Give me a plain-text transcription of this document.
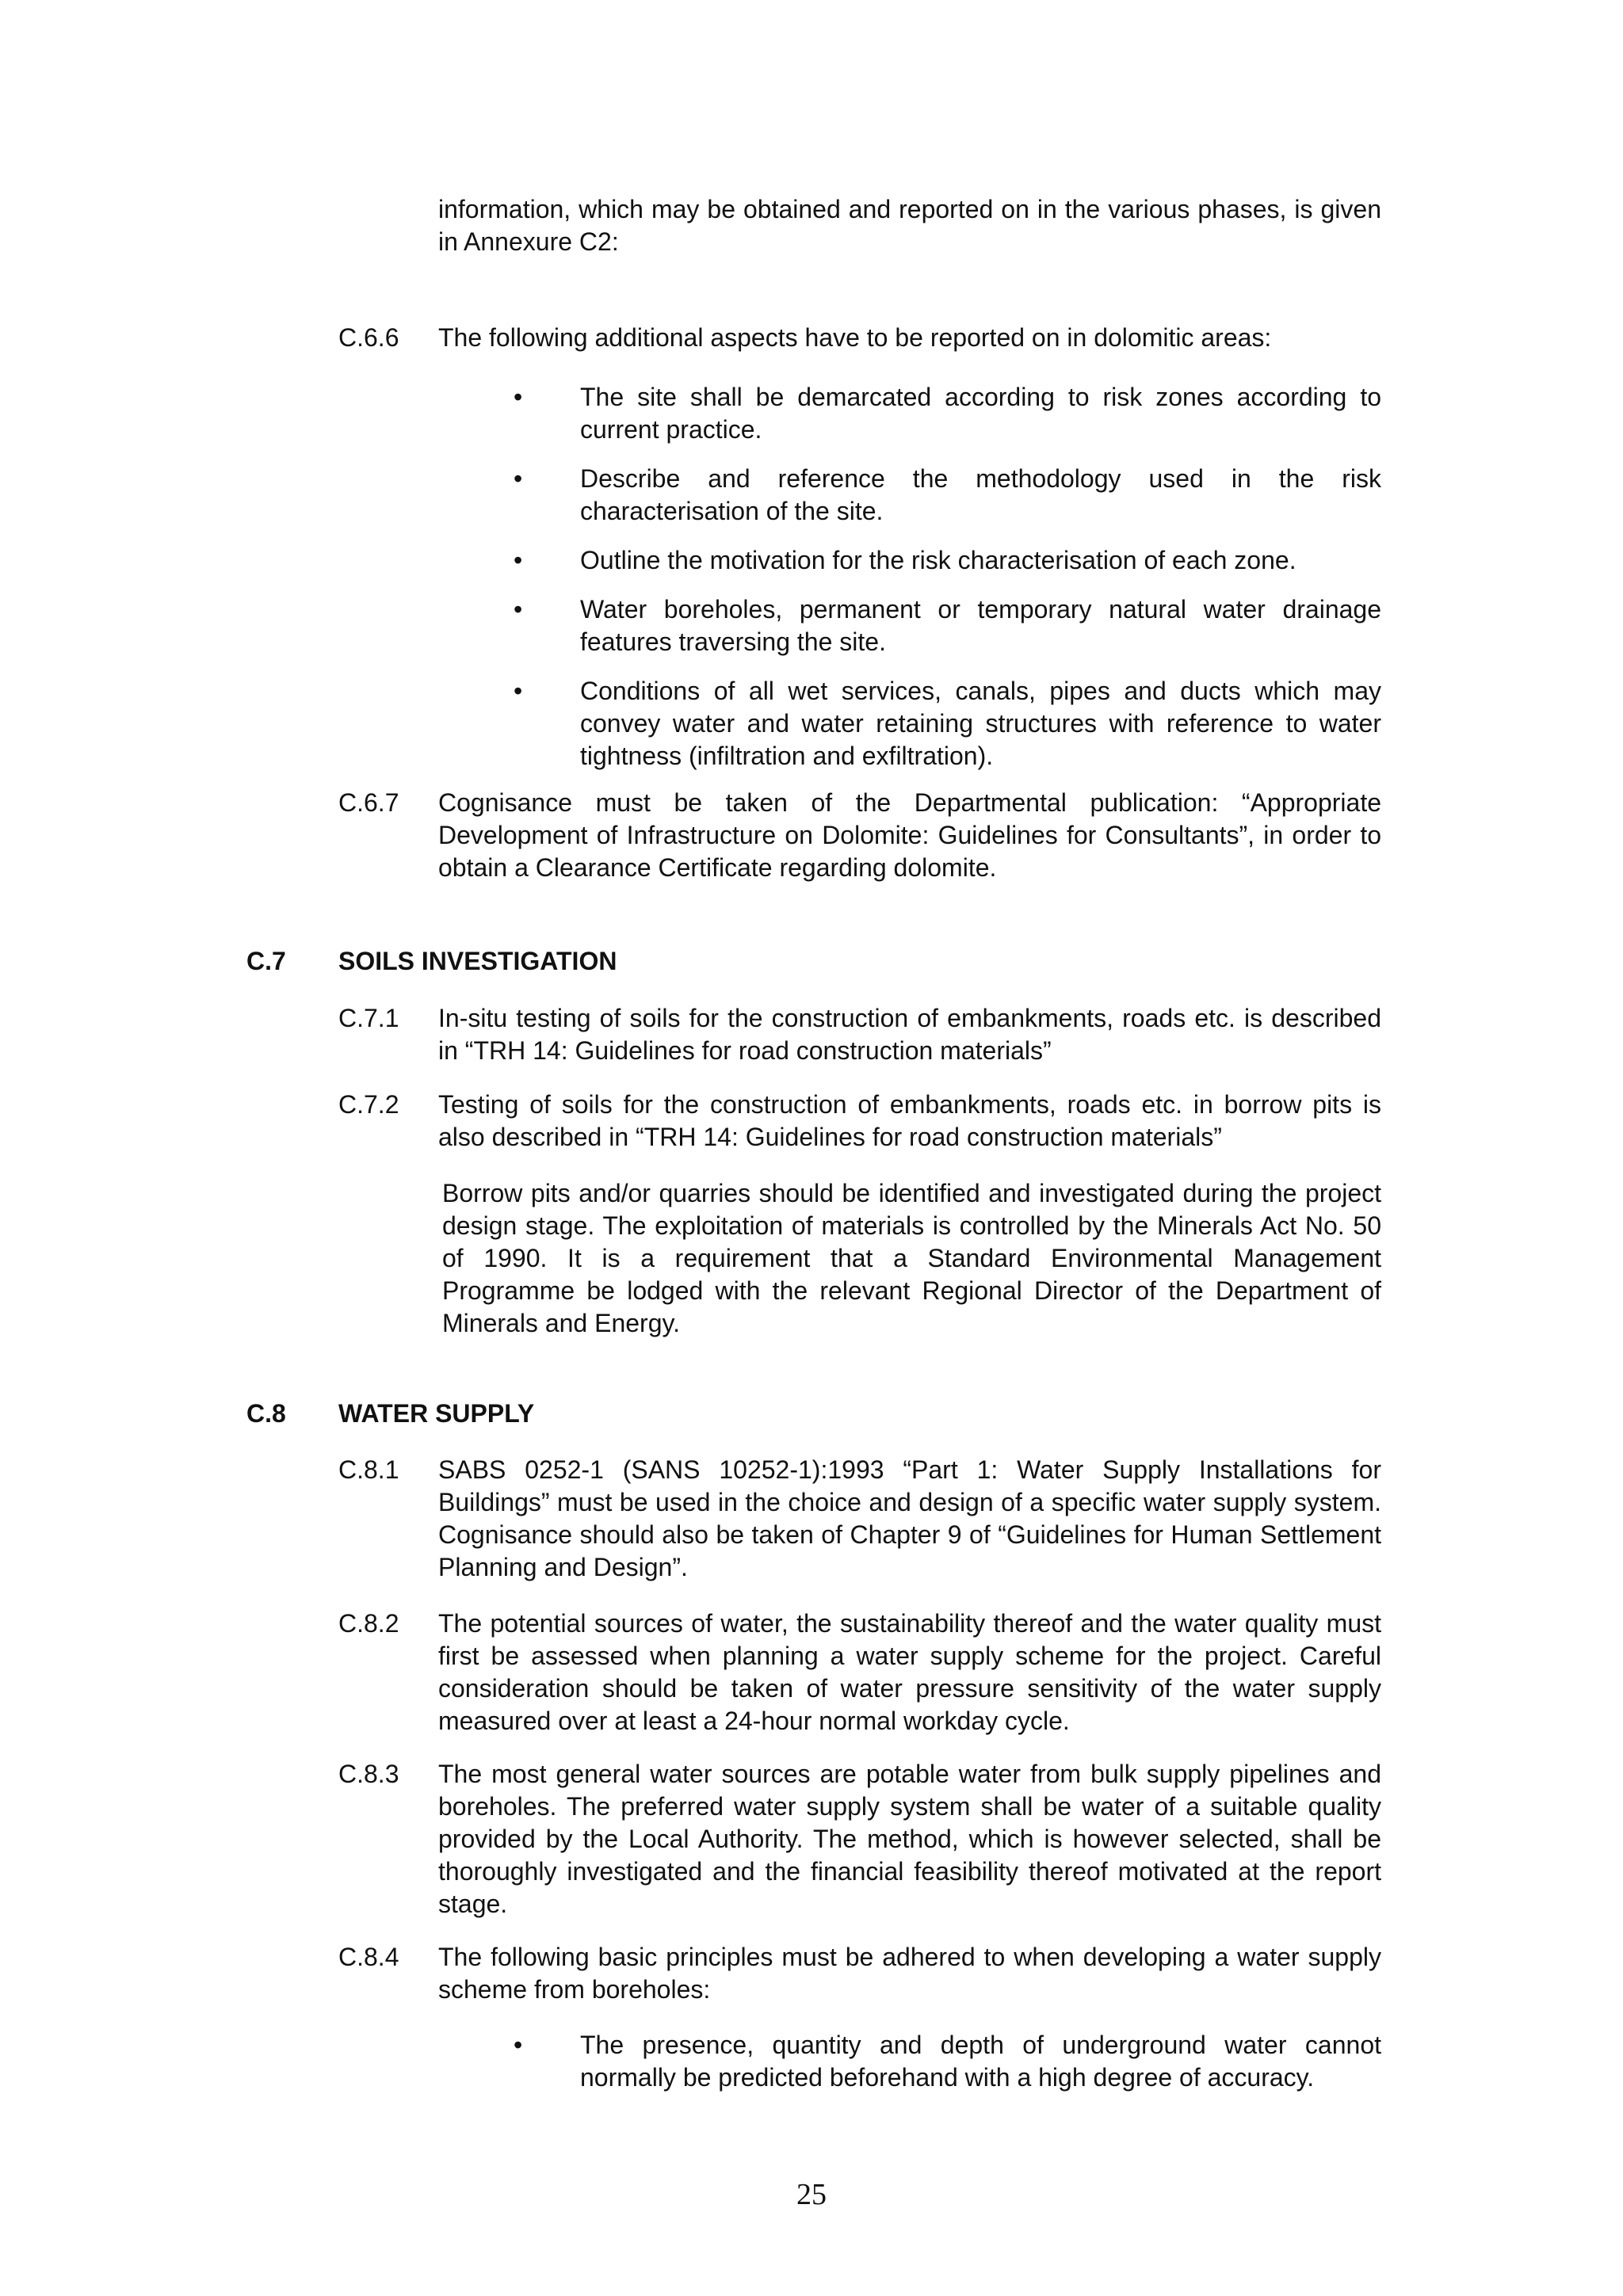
information, which may be obtained and reported on in the various phases, is given in Annexure C2:
C.6.6 The following additional aspects have to be reported on in dolomitic areas:
• The site shall be demarcated according to risk zones according to current practice.
• Describe and reference the methodology used in the risk characterisation of the site.
• Outline the motivation for the risk characterisation of each zone.
• Water boreholes, permanent or temporary natural water drainage features traversing the site.
• Conditions of all wet services, canals, pipes and ducts which may convey water and water retaining structures with reference to water tightness (infiltration and exfiltration).
C.6.7 Cognisance must be taken of the Departmental publication: “Appropriate Development of Infrastructure on Dolomite: Guidelines for Consultants”, in order to obtain a Clearance Certificate regarding dolomite.
C.7 SOILS INVESTIGATION
C.7.1 In-situ testing of soils for the construction of embankments, roads etc. is described in “TRH 14: Guidelines for road construction materials”
C.7.2 Testing of soils for the construction of embankments, roads etc. in borrow pits is also described in “TRH 14: Guidelines for road construction materials”
Borrow pits and/or quarries should be identified and investigated during the project design stage. The exploitation of materials is controlled by the Minerals Act No. 50 of 1990. It is a requirement that a Standard Environmental Management Programme be lodged with the relevant Regional Director of the Department of Minerals and Energy.
C.8 WATER SUPPLY
C.8.1 SABS 0252-1 (SANS 10252-1):1993 “Part 1: Water Supply Installations for Buildings” must be used in the choice and design of a specific water supply system. Cognisance should also be taken of Chapter 9 of “Guidelines for Human Settlement Planning and Design”.
C.8.2 The potential sources of water, the sustainability thereof and the water quality must first be assessed when planning a water supply scheme for the project. Careful consideration should be taken of water pressure sensitivity of the water supply measured over at least a 24-hour normal workday cycle.
C.8.3 The most general water sources are potable water from bulk supply pipelines and boreholes. The preferred water supply system shall be water of a suitable quality provided by the Local Authority. The method, which is however selected, shall be thoroughly investigated and the financial feasibility thereof motivated at the report stage.
C.8.4 The following basic principles must be adhered to when developing a water supply scheme from boreholes:
• The presence, quantity and depth of underground water cannot normally be predicted beforehand with a high degree of accuracy.
25
